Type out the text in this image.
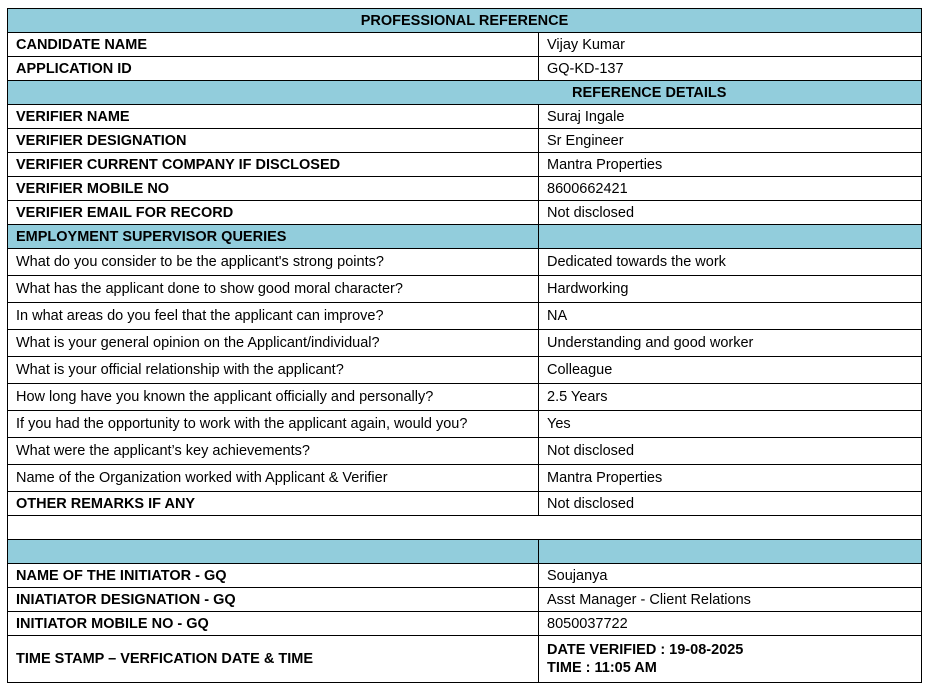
PROFESSIONAL REFERENCE	
CANDIDATE NAME	Vijay Kumar
APPLICATION ID	GQ-KD-137
REFERENCE DETAILS	
VERIFIER NAME	Suraj Ingale
VERIFIER DESIGNATION	Sr Engineer
VERIFIER CURRENT COMPANY IF DISCLOSED	Mantra Properties
VERIFIER MOBILE NO	8600662421
VERIFIER EMAIL FOR RECORD	Not disclosed
EMPLOYMENT SUPERVISOR QUERIES	
What do you consider to be the applicant's strong points?	Dedicated towards the work
What has the applicant done to show good moral character?	Hardworking
In what areas do you feel that the applicant can improve?	NA
What is your general opinion on the Applicant/individual?	Understanding and good worker
What is your official relationship with the applicant?	Colleague
How long have you known the applicant officially and personally?	2.5 Years
If you had the opportunity to work with the applicant again, would you?	Yes
What were the applicant’s key achievements?	Not disclosed
Name of the Organization worked with Applicant & Verifier	Mantra Properties
OTHER REMARKS IF ANY	Not disclosed

NAME OF THE INITIATOR - GQ	Soujanya
INIATIATOR DESIGNATION - GQ	Asst Manager - Client Relations
INITIATOR MOBILE NO - GQ	8050037722
TIME STAMP – VERFICATION DATE & TIME	DATE VERIFIED : 19-08-2025
TIME : 11:05 AM
